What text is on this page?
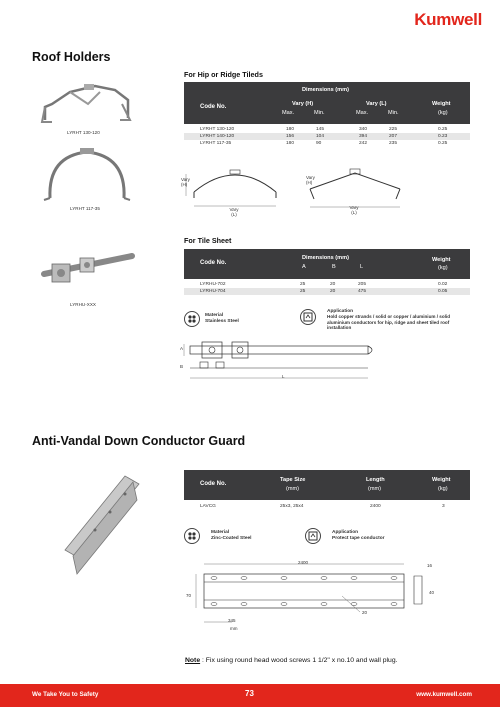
Kumwell
Roof Holders
For Hip or Ridge Tileds
LYRHT 130-120
LYRHT 117-35
Dimensions (mm)
Code No.	Vary (H)	Vary (L)	Weight
Max.	Min.	Max.	Min.	(kg)
LYRHT 130-120	180	145	340	225	0.25
LYRHT 140-120	156	104	394	207	0.23
LYRHT 117-35	180	90	242	235	0.25
Vary (H)
Vary (L)
Vary (H)
Vary (L)
For Tile Sheet
LYRHU-XXX
Code No.
Dimensions (mm)
A	B	L
Weight
(kg)
LYRHU-702	25	20	205	0.02
LYRHU-704	25	20	475	0.05
Material
Stainless Steel
Application
Hold copper strands / solid or copper / aluminium / solid aluminium conductors for hip, ridge and sheet tiled roof installation
A
B
L
Anti-Vandal Down Conductor Guard
Code No.
Tape Size
(mm)
Length
(mm)
Weight
(kg)
LAVCG	25x3, 25x4	2400	3
Material
Zinc-Coated Steel
Application
Protect tape conductor
2400
16
40
70
345
mm
20
Note : Fix using round head wood screws 1 1/2" x no.10 and wall plug.
We Take You to Safety	73	www.kumwell.com
